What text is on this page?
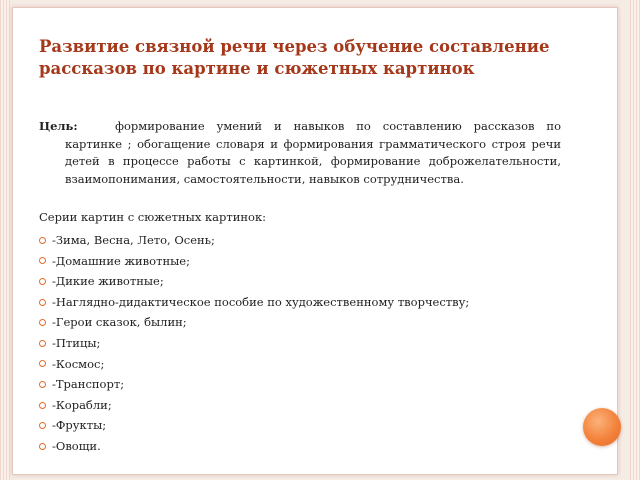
Развитие связной речи через обучение составление рассказов по картине и сюжетных картинок

Цель:	формирование умений и навыков по составлению рассказов по картинке ; обогащение словаря и формирования грамматического строя речи детей в процессе работы с картинкой, формирование доброжелательности, взаимопонимания, самостоятельности, навыков сотрудничества.

Серии картин с сюжетных картинок:

-Зима, Весна, Лето, Осень;
-Домашние животные;
-Дикие животные;
-Наглядно-дидактическое пособие по художественному творчеству;
-Герои сказок, былин;
-Птицы;
-Космос;
-Транспорт;
-Корабли;
-Фрукты;
-Овощи.
